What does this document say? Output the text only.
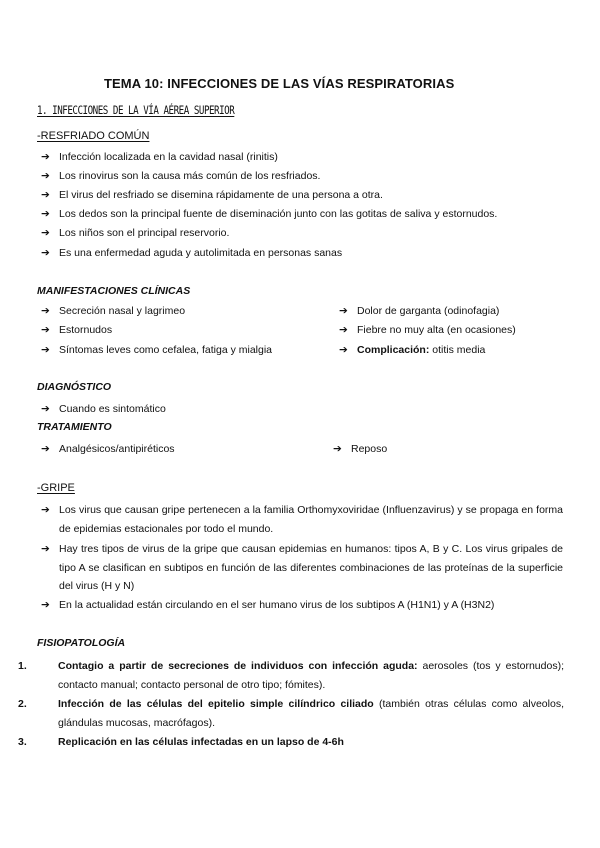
TEMA 10: INFECCIONES DE LAS VÍAS RESPIRATORIAS
1. INFECCIONES DE LA VÍA AÉREA SUPERIOR
-RESFRIADO COMÚN
➔ Infección localizada en la cavidad nasal (rinitis)
➔ Los rinovirus son la causa más común de los resfriados.
➔ El virus del resfriado se disemina rápidamente de una persona a otra.
➔ Los dedos son la principal fuente de diseminación junto con las gotitas de saliva y estornudos.
➔ Los niños son el principal reservorio.
➔ Es una enfermedad aguda y autolimitada en personas sanas
MANIFESTACIONES CLÍNICAS
➔ Secreción nasal y lagrimeo
➔ Estornudos
➔ Síntomas leves como cefalea, fatiga y mialgia
➔ Dolor de garganta (odinofagia)
➔ Fiebre no muy alta (en ocasiones)
➔ Complicación: otitis media
DIAGNÓSTICO
➔ Cuando es sintomático
TRATAMIENTO
➔ Analgésicos/antipiréticos	➔ Reposo
-GRIPE
➔ Los virus que causan gripe pertenecen a la familia Orthomyxoviridae (Influenzavirus) y se propaga en forma de epidemias estacionales por todo el mundo.
➔ Hay tres tipos de virus de la gripe que causan epidemias en humanos: tipos A, B y C. Los virus gripales de tipo A se clasifican en subtipos en función de las diferentes combinaciones de las proteínas de la superficie del virus (H y N)
➔ En la actualidad están circulando en el ser humano virus de los subtipos A (H1N1) y A (H3N2)
FISIOPATOLOGÍA
1.	Contagio a partir de secreciones de individuos con infección aguda: aerosoles (tos y estornudos); contacto manual; contacto personal de otro tipo; fómites).
2.	Infección de las células del epitelio simple cilíndrico ciliado (también otras células como alveolos, glándulas mucosas, macrófagos).
3.	Replicación en las células infectadas en un lapso de 4-6h
